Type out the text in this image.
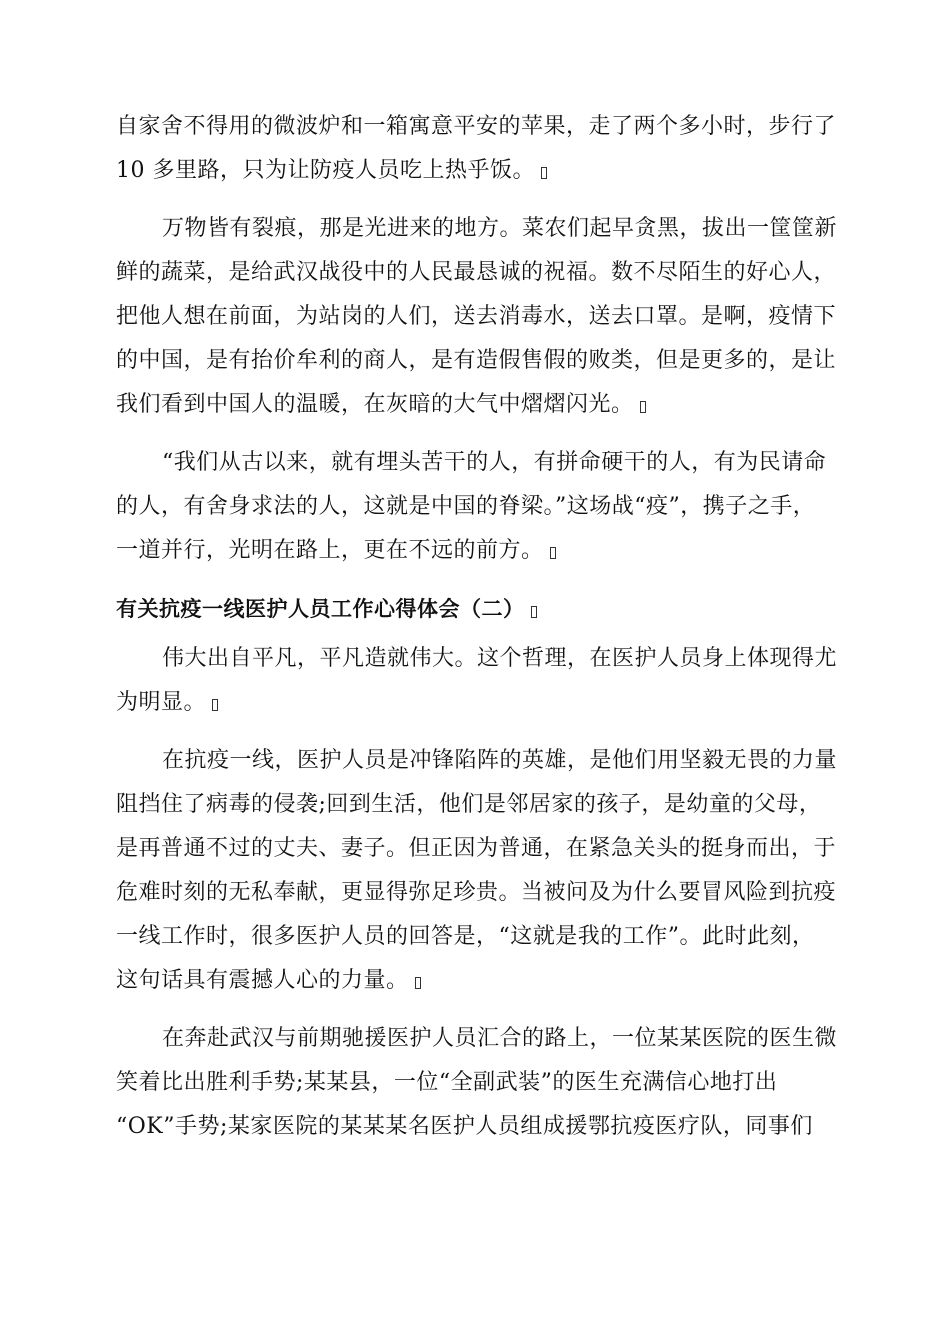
自家舍不得用的微波炉和一箱寓意平安的苹果，走了两个多小时，步行了
10 多里路，只为让防疫人员吃上热乎饭。
万物皆有裂痕，那是光进来的地方。菜农们起早贪黑，拔出一筐筐新
鲜的蔬菜，是给武汉战役中的人民最恳诚的祝福。数不尽陌生的好心人，
把他人想在前面，为站岗的人们，送去消毒水，送去口罩。是啊，疫情下
的中国，是有抬价牟利的商人，是有造假售假的败类，但是更多的，是让
我们看到中国人的温暖，在灰暗的大气中熠熠闪光。
“我们从古以来，就有埋头苦干的人，有拼命硬干的人，有为民请命
的人，有舍身求法的人，这就是中国的脊梁。”这场战“疫”，携子之手，
一道并行，光明在路上，更在不远的前方。
有关抗疫一线医护人员工作心得体会（二）
伟大出自平凡，平凡造就伟大。这个哲理，在医护人员身上体现得尤
为明显。
在抗疫一线，医护人员是冲锋陷阵的英雄，是他们用坚毅无畏的力量
阻挡住了病毒的侵袭;回到生活，他们是邻居家的孩子，是幼童的父母，
是再普通不过的丈夫、妻子。但正因为普通，在紧急关头的挺身而出，于
危难时刻的无私奉献，更显得弥足珍贵。当被问及为什么要冒风险到抗疫
一线工作时，很多医护人员的回答是，“这就是我的工作”。此时此刻，
这句话具有震撼人心的力量。
在奔赴武汉与前期驰援医护人员汇合的路上，一位某某医院的医生微
笑着比出胜利手势;某某县，一位“全副武装”的医生充满信心地打出
“OK”手势;某家医院的某某某名医护人员组成援鄂抗疫医疗队，同事们
